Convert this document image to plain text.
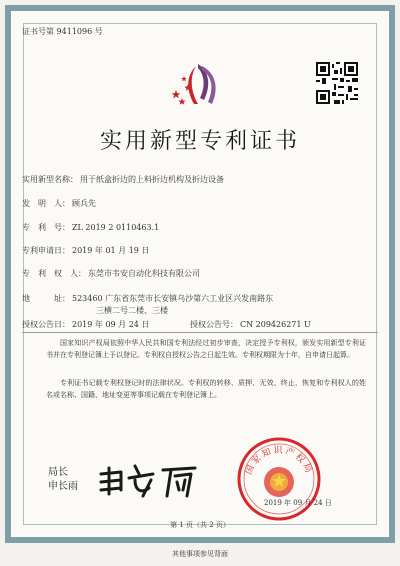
证书号第 9411096 号
实用新型专利证书
实用新型名称： 用于纸盒折边的上料折边机构及折边设备
发　明　人： 顾兵先
专　利　号： ZL 2019 2 0110463.1
专利申请日： 2019 年 01 月 19 日
专　利　权　人： 东莞市韦安自动化科技有限公司
地　　　址： 523460 广东省东莞市长安镇乌沙第六工业区兴发南路东
三横二号二楼、三楼
授权公告日： 2019 年 09 月 24 日	授权公告号： CN 209426271 U
国家知识产权局依照中华人民共和国专利法经过初步审查，决定授予专利权，颁发实用新型专利证书并在专利登记簿上予以登记。专利权自授权公告之日起生效。专利权期限为十年，自申请日起算。
专利证书记载专利权登记时的法律状况。专利权的转移、质押、无效、终止、恢复和专利权人的姓名或名称、国籍、地址变更等事项记载在专利登记簿上。
局长
申长雨
国家知识产权局
2019 年 09 月 24 日
第 1 页（共 2 页）
其他事项参见背面
